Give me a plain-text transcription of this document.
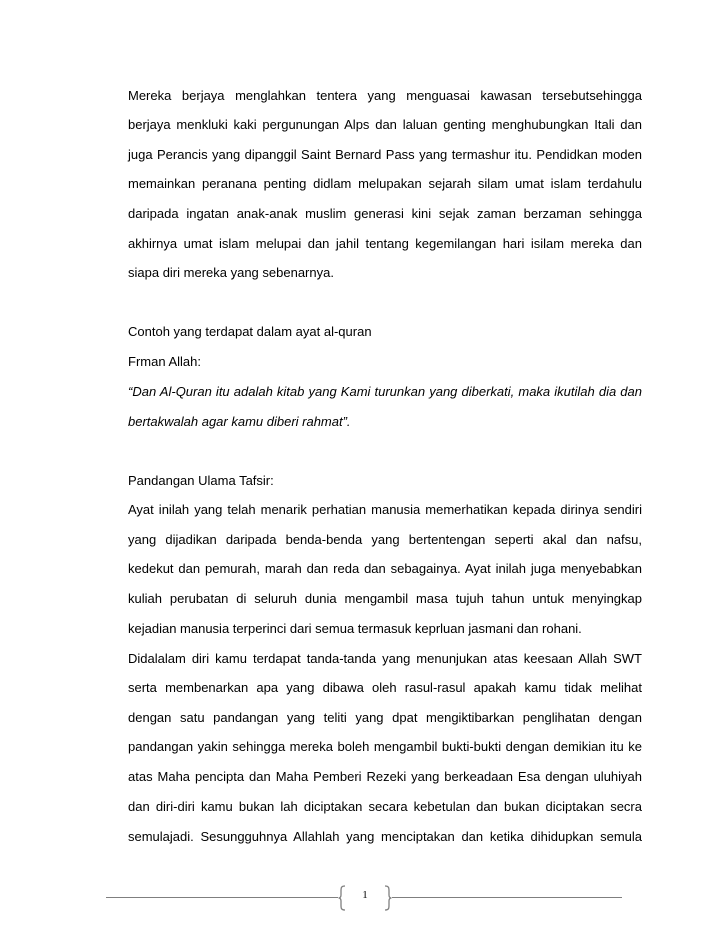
Mereka berjaya menglahkan tentera yang menguasai kawasan tersebutsehingga
berjaya menkluki kaki pergunungan Alps dan laluan genting menghubungkan Itali dan
juga Perancis yang dipanggil Saint Bernard Pass yang termashur itu. Pendidkan moden
memainkan peranana penting didlam melupakan sejarah silam umat islam terdahulu
daripada ingatan anak-anak muslim generasi kini sejak zaman berzaman sehingga
akhirnya umat islam melupai dan jahil tentang kegemilangan hari isilam mereka dan
siapa diri mereka yang sebenarnya.
Contoh yang terdapat dalam ayat al-quran
Frman Allah:
“Dan Al-Quran itu adalah kitab yang Kami turunkan yang diberkati, maka ikutilah dia dan
bertakwalah agar kamu diberi rahmat”.
Pandangan Ulama Tafsir:
Ayat inilah yang telah menarik perhatian manusia memerhatikan kepada dirinya sendiri
yang dijadikan daripada benda-benda yang bertentengan seperti akal dan nafsu,
kedekut dan pemurah, marah dan reda dan sebagainya. Ayat inilah juga menyebabkan
kuliah perubatan di seluruh dunia mengambil masa tujuh tahun untuk menyingkap
kejadian manusia terperinci dari semua termasuk keprluan jasmani dan rohani.
Didalalam diri kamu terdapat tanda-tanda yang menunjukan atas keesaan Allah SWT
serta membenarkan apa yang dibawa oleh rasul-rasul apakah kamu tidak melihat
dengan satu pandangan yang teliti yang dpat mengiktibarkan penglihatan dengan
pandangan yakin sehingga mereka boleh mengambil bukti-bukti dengan demikian itu ke
atas Maha pencipta dan Maha Pemberi Rezeki yang berkeadaan Esa dengan uluhiyah
dan diri-diri kamu bukan lah diciptakan secara kebetulan dan bukan diciptakan secra
semulajadi. Sesungguhnya Allahlah yang menciptakan dan ketika dihidupkan semula
1
